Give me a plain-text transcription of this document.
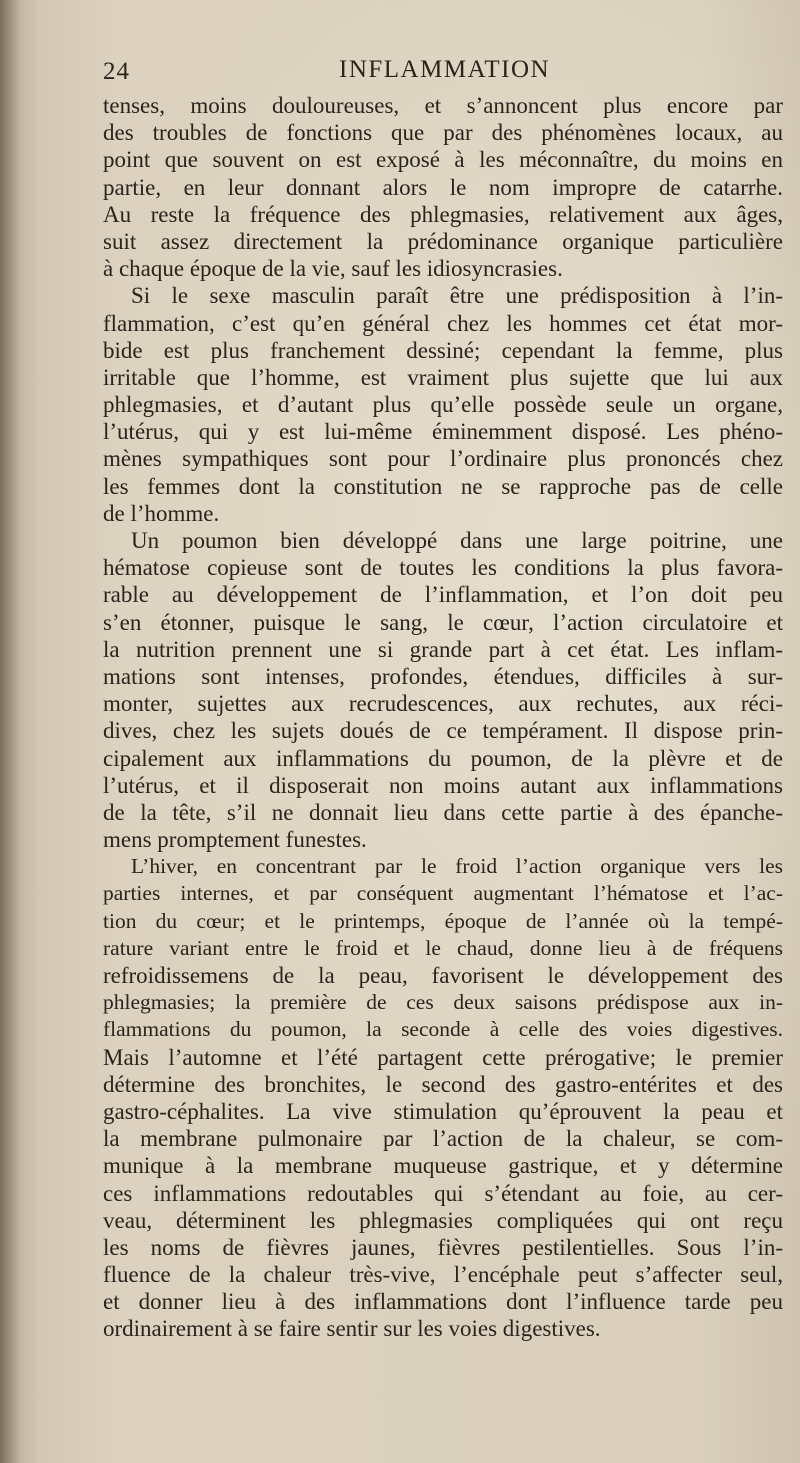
24	INFLAMMATION
tenses, moins douloureuses, et s’annoncent plus encore par
des troubles de fonctions que par des phénomènes locaux, au
point que souvent on est exposé à les méconnaître, du moins en
partie, en leur donnant alors le nom impropre de catarrhe.
Au reste la fréquence des phlegmasies, relativement aux âges,
suit assez directement la prédominance organique particulière
à chaque époque de la vie, sauf les idiosyncrasies.
Si le sexe masculin paraît être une prédisposition à l’in-
flammation, c’est qu’en général chez les hommes cet état mor-
bide est plus franchement dessiné; cependant la femme, plus
irritable que l’homme, est vraiment plus sujette que lui aux
phlegmasies, et d’autant plus qu’elle possède seule un organe,
l’utérus, qui y est lui-même éminemment disposé. Les phéno-
mènes sympathiques sont pour l’ordinaire plus prononcés chez
les femmes dont la constitution ne se rapproche pas de celle
de l’homme.
Un poumon bien développé dans une large poitrine, une
hématose copieuse sont de toutes les conditions la plus favora-
rable au développement de l’inflammation, et l’on doit peu
s’en étonner, puisque le sang, le cœur, l’action circulatoire et
la nutrition prennent une si grande part à cet état. Les inflam-
mations sont intenses, profondes, étendues, difficiles à sur-
monter, sujettes aux recrudescences, aux rechutes, aux réci-
dives, chez les sujets doués de ce tempérament. Il dispose prin-
cipalement aux inflammations du poumon, de la plèvre et de
l’utérus, et il disposerait non moins autant aux inflammations
de la tête, s’il ne donnait lieu dans cette partie à des épanche-
mens promptement funestes.
L’hiver, en concentrant par le froid l’action organique vers les
parties internes, et par conséquent augmentant l’hématose et l’ac-
tion du cœur; et le printemps, époque de l’année où la tempé-
rature variant entre le froid et le chaud, donne lieu à de fréquens
refroidissemens de la peau, favorisent le développement des
phlegmasies; la première de ces deux saisons prédispose aux in-
flammations du poumon, la seconde à celle des voies digestives.
Mais l’automne et l’été partagent cette prérogative; le premier
détermine des bronchites, le second des gastro-entérites et des
gastro-céphalites. La vive stimulation qu’éprouvent la peau et
la membrane pulmonaire par l’action de la chaleur, se com-
munique à la membrane muqueuse gastrique, et y détermine
ces inflammations redoutables qui s’étendant au foie, au cer-
veau, déterminent les phlegmasies compliquées qui ont reçu
les noms de fièvres jaunes, fièvres pestilentielles. Sous l’in-
fluence de la chaleur très-vive, l’encéphale peut s’affecter seul,
et donner lieu à des inflammations dont l’influence tarde peu
ordinairement à se faire sentir sur les voies digestives.
